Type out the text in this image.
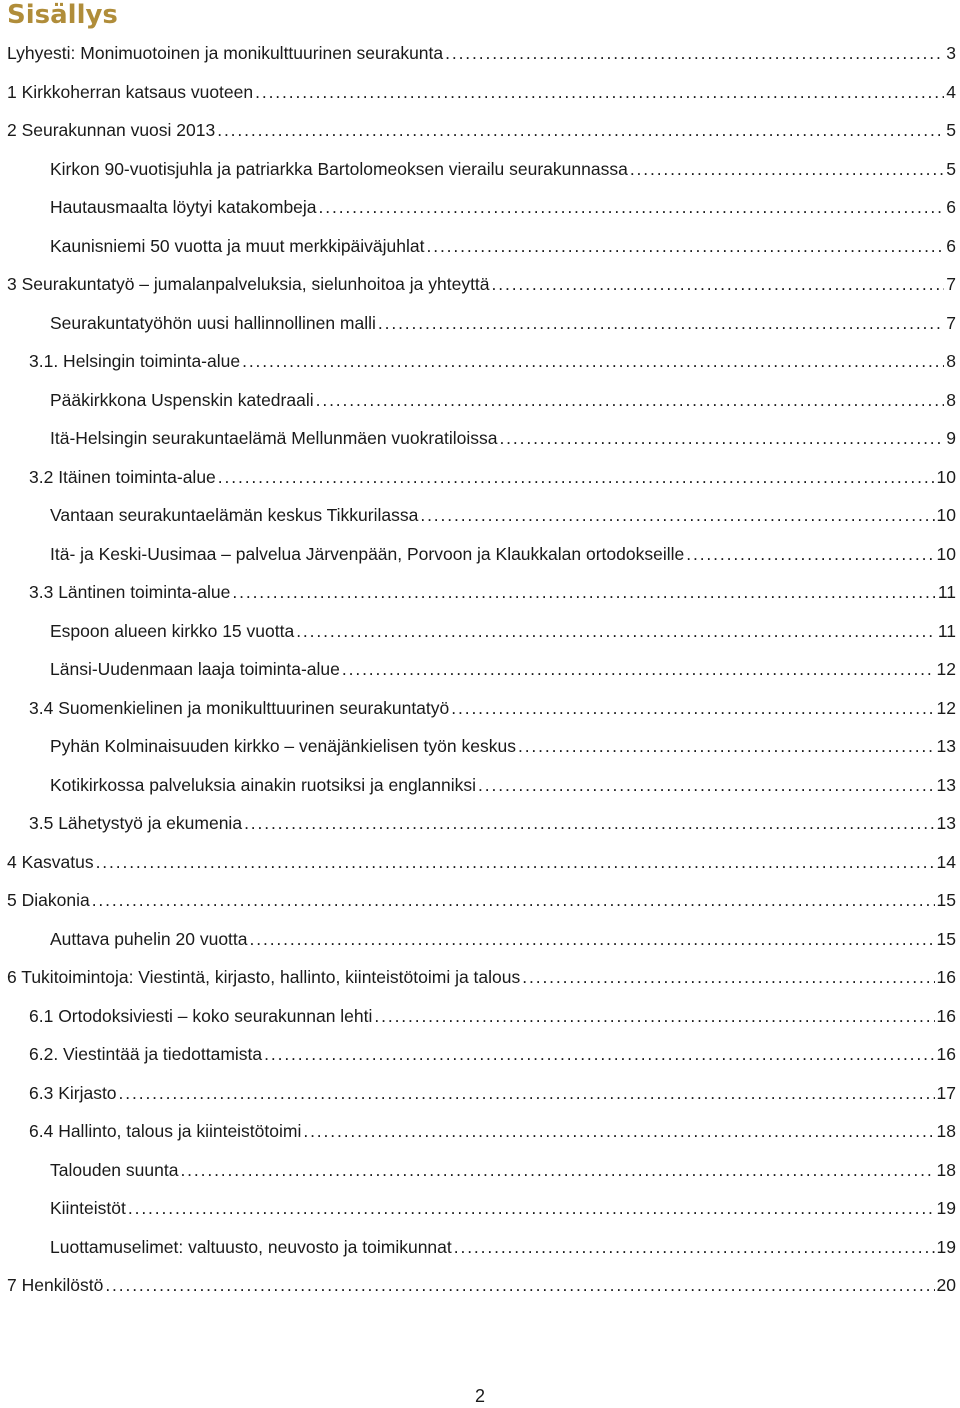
Sisällys
Lyhyesti: Monimuotoinen ja monikulttuurinen seurakunta . . .	3
1 Kirkkoherran katsaus vuoteen . . .	4
2 Seurakunnan vuosi 2013 . . .	5
Kirkon 90-vuotisjuhla ja patriarkka Bartolomeoksen vierailu seurakunnassa . . .	5
Hautausmaalta löytyi katakombeja . . .	6
Kaunisniemi 50 vuotta ja muut merkkipäiväjuhlat . . .	6
3 Seurakuntatyö – jumalanpalveluksia, sielunhoitoa ja yhteyttä . . .	7
Seurakuntatyöhön uusi hallinnollinen malli . . .	7
3.1. Helsingin toiminta-alue . . .	8
Pääkirkkona Uspenskin katedraali . . .	8
Itä-Helsingin seurakuntaelämä Mellunmäen vuokratiloissa . . .	9
3.2 Itäinen toiminta-alue . . .	10
Vantaan seurakuntaelämän keskus Tikkurilassa . . .	10
Itä- ja Keski-Uusimaa – palvelua Järvenpään, Porvoon ja Klaukkalan ortodokseille . . .	10
3.3 Läntinen toiminta-alue . . .	11
Espoon alueen kirkko 15 vuotta . . .	11
Länsi-Uudenmaan laaja toiminta-alue . . .	12
3.4 Suomenkielinen ja monikulttuurinen seurakuntatyö . . .	12
Pyhän Kolminaisuuden kirkko – venäjänkielisen työn keskus . . .	13
Kotikirkossa palveluksia ainakin ruotsiksi ja englanniksi . . .	13
3.5 Lähetystyö ja ekumenia . . .	13
4 Kasvatus . . .	14
5 Diakonia . . .	15
Auttava puhelin 20 vuotta . . .	15
6 Tukitoimintoja: Viestintä, kirjasto, hallinto, kiinteistötoimi ja talous . . .	16
6.1 Ortodoksiviesti – koko seurakunnan lehti . . .	16
6.2. Viestintää ja tiedottamista . . .	16
6.3 Kirjasto . . .	17
6.4 Hallinto, talous ja kiinteistötoimi . . .	18
Talouden suunta . . .	18
Kiinteistöt . . .	19
Luottamuselimet: valtuusto, neuvosto ja toimikunnat . . .	19
7 Henkilöstö . . .	20
2
